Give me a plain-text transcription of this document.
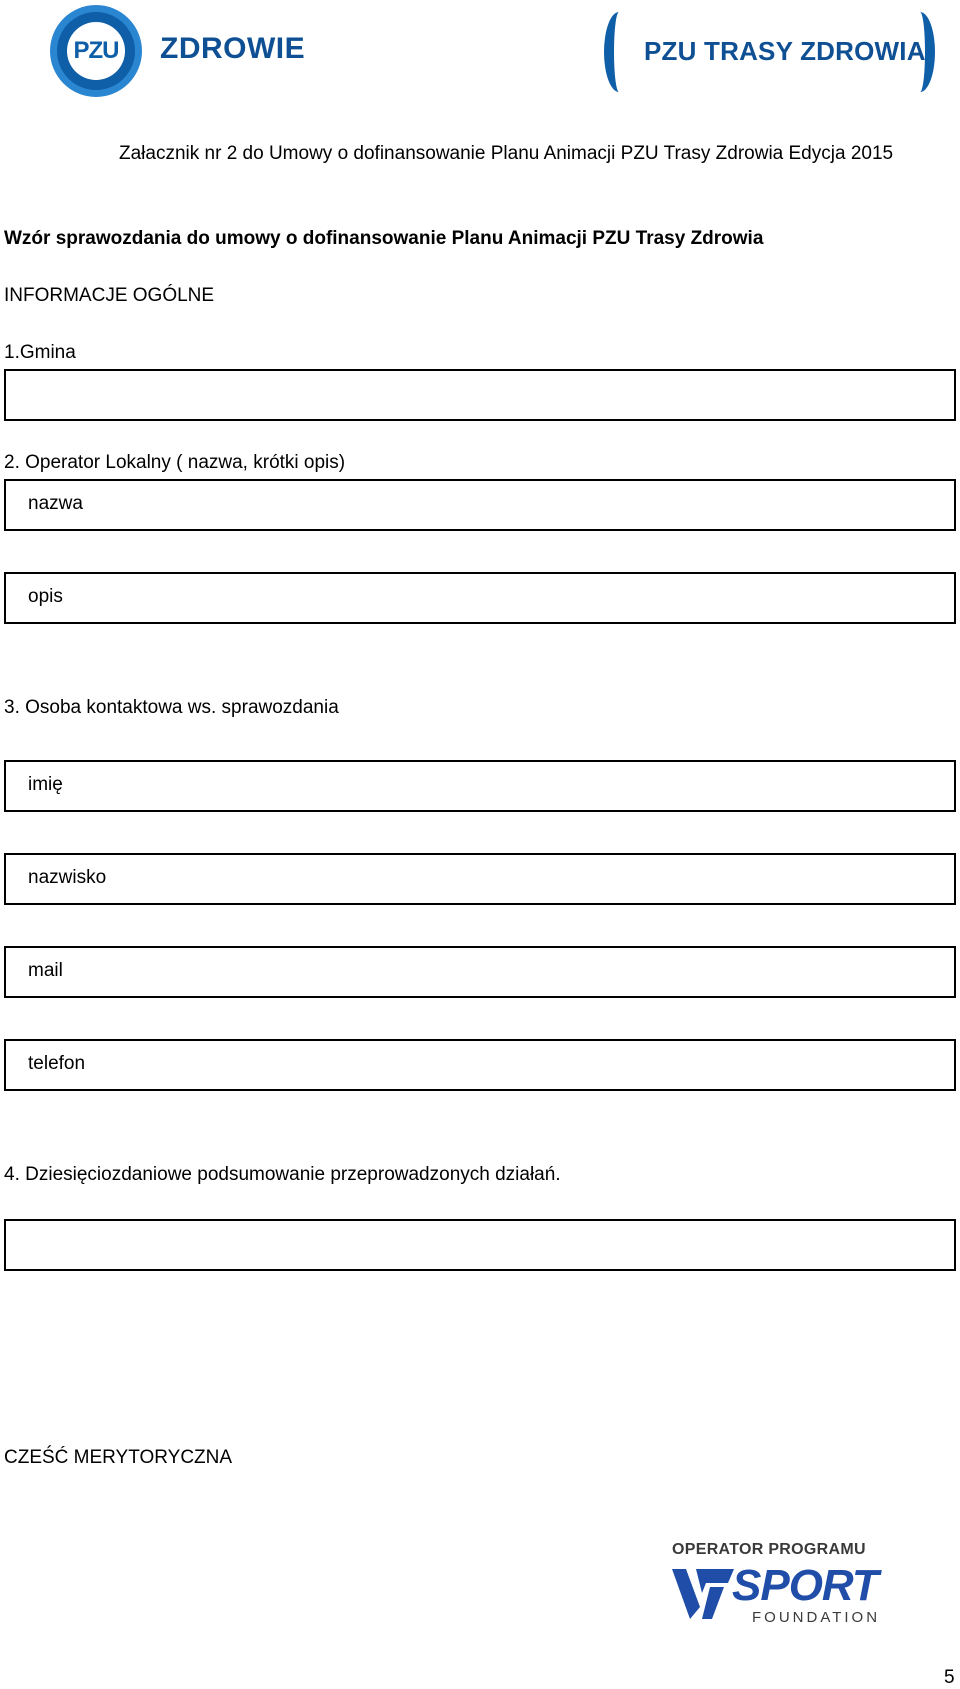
PZU ZDROWIE	PZU TRASY ZDROWIA
Załacznik nr 2 do Umowy o dofinansowanie Planu Animacji PZU Trasy Zdrowia Edycja 2015
Wzór sprawozdania do umowy o dofinansowanie Planu Animacji PZU Trasy Zdrowia
INFORMACJE OGÓLNE
1.Gmina
2. Operator Lokalny ( nazwa, krótki opis)
nazwa
opis
3. Osoba kontaktowa ws. sprawozdania
imię
nazwisko
mail
telefon
4. Dziesięciozdaniowe podsumowanie przeprowadzonych działań.
CZEŚĆ MERYTORYCZNA
OPERATOR PROGRAMU
SPORT
FOUNDATION
5
